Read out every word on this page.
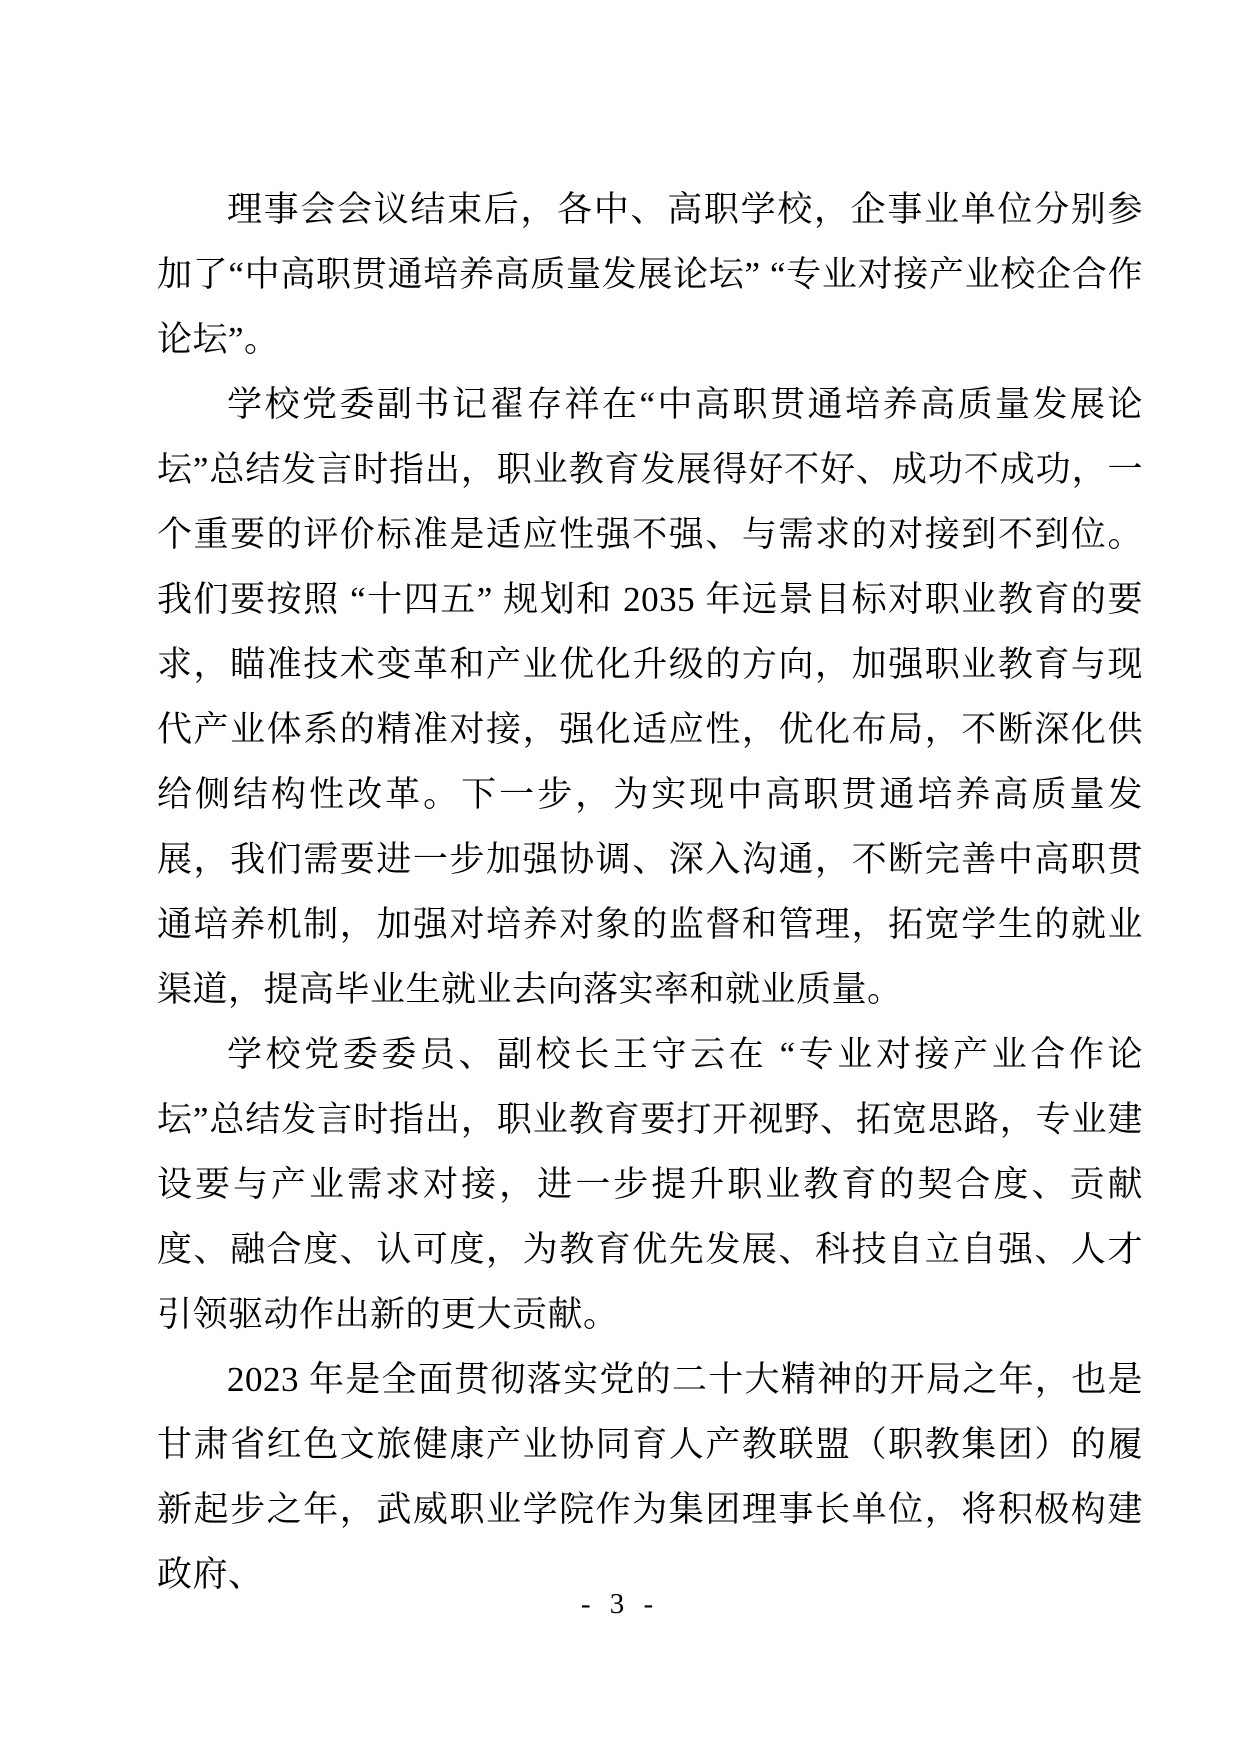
理事会会议结束后，各中、高职学校，企事业单位分别参加了“中高职贯通培养高质量发展论坛” “专业对接产业校企合作论坛”。

学校党委副书记翟存祥在“中高职贯通培养高质量发展论坛”总结发言时指出，职业教育发展得好不好、成功不成功，一个重要的评价标准是适应性强不强、与需求的对接到不到位。我们要按照 “十四五” 规划和 2035 年远景目标对职业教育的要求，瞄准技术变革和产业优化升级的方向，加强职业教育与现代产业体系的精准对接，强化适应性，优化布局，不断深化供给侧结构性改革。下一步，为实现中高职贯通培养高质量发展，我们需要进一步加强协调、深入沟通，不断完善中高职贯通培养机制，加强对培养对象的监督和管理，拓宽学生的就业渠道，提高毕业生就业去向落实率和就业质量。

学校党委委员、副校长王守云在 “专业对接产业合作论坛”总结发言时指出，职业教育要打开视野、拓宽思路，专业建设要与产业需求对接，进一步提升职业教育的契合度、贡献度、融合度、认可度，为教育优先发展、科技自立自强、人才引领驱动作出新的更大贡献。

2023 年是全面贯彻落实党的二十大精神的开局之年，也是甘肃省红色文旅健康产业协同育人产教联盟（职教集团）的履新起步之年，武威职业学院作为集团理事长单位，将积极构建政府、

- 3 -
